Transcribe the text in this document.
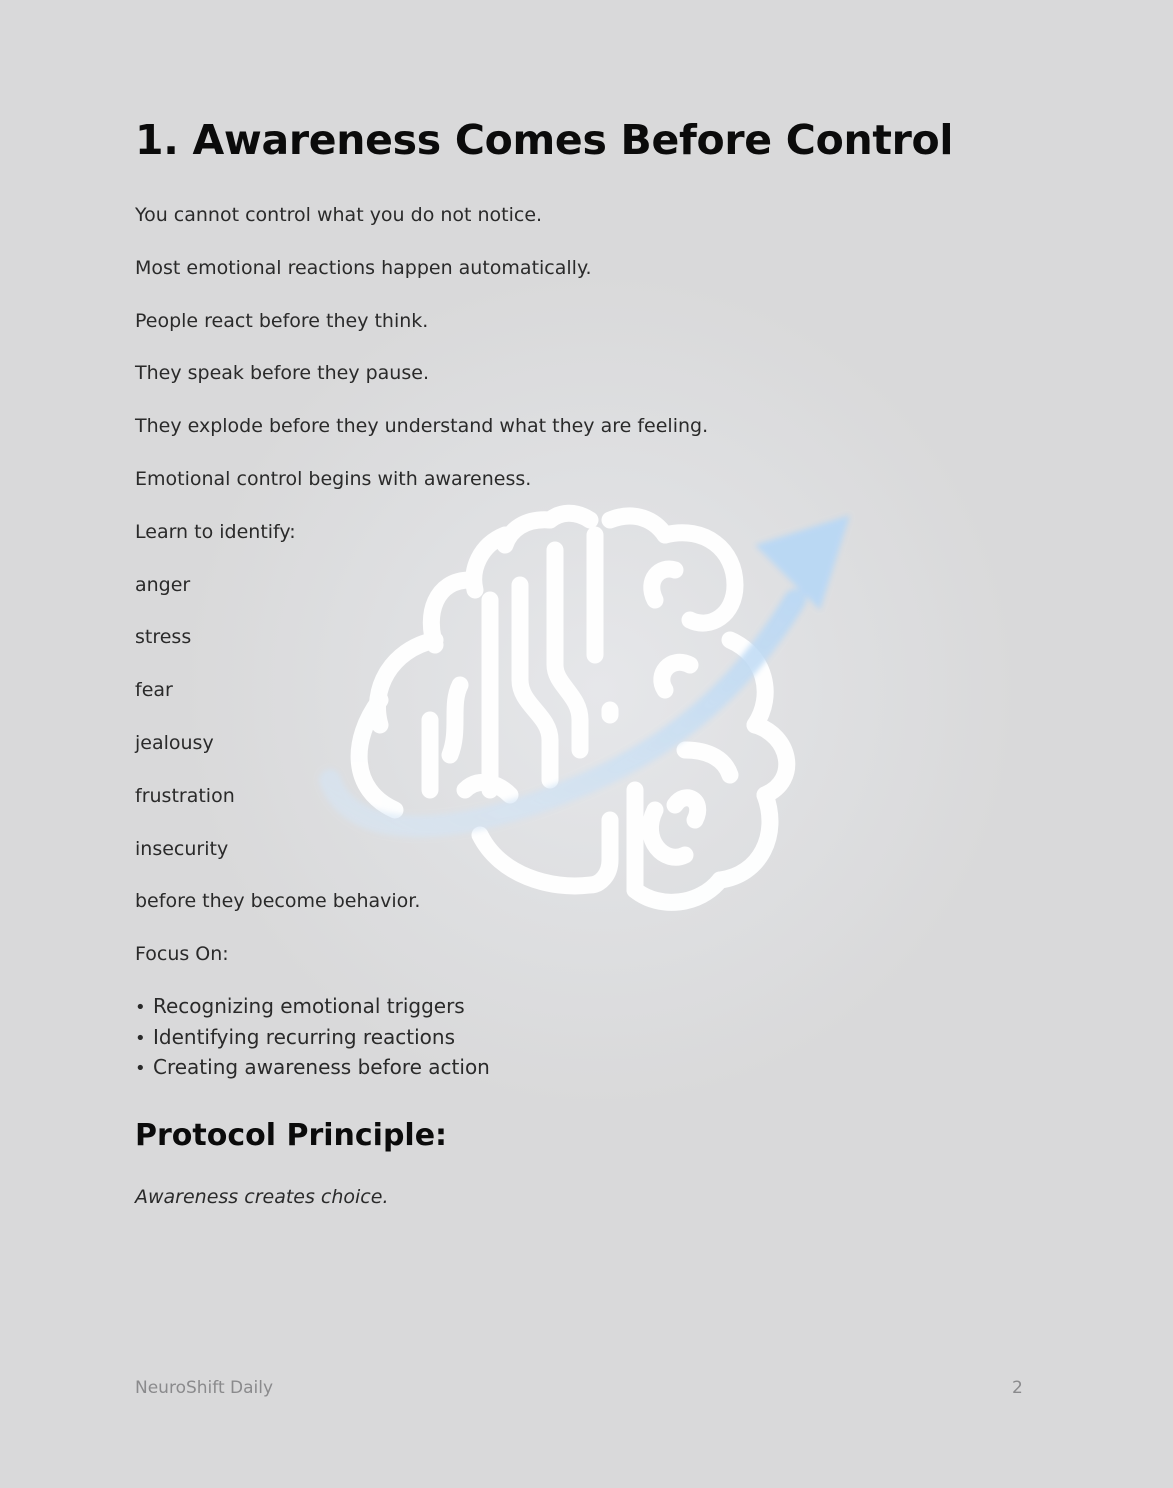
1. Awareness Comes Before Control
You cannot control what you do not notice.
Most emotional reactions happen automatically.
People react before they think.
They speak before they pause.
They explode before they understand what they are feeling.
Emotional control begins with awareness.
Learn to identify:
anger
stress
fear
jealousy
frustration
insecurity
before they become behavior.
Focus On:
• Recognizing emotional triggers
• Identifying recurring reactions
• Creating awareness before action
Protocol Principle:

Awareness creates choice.

NeuroShift Daily	2
